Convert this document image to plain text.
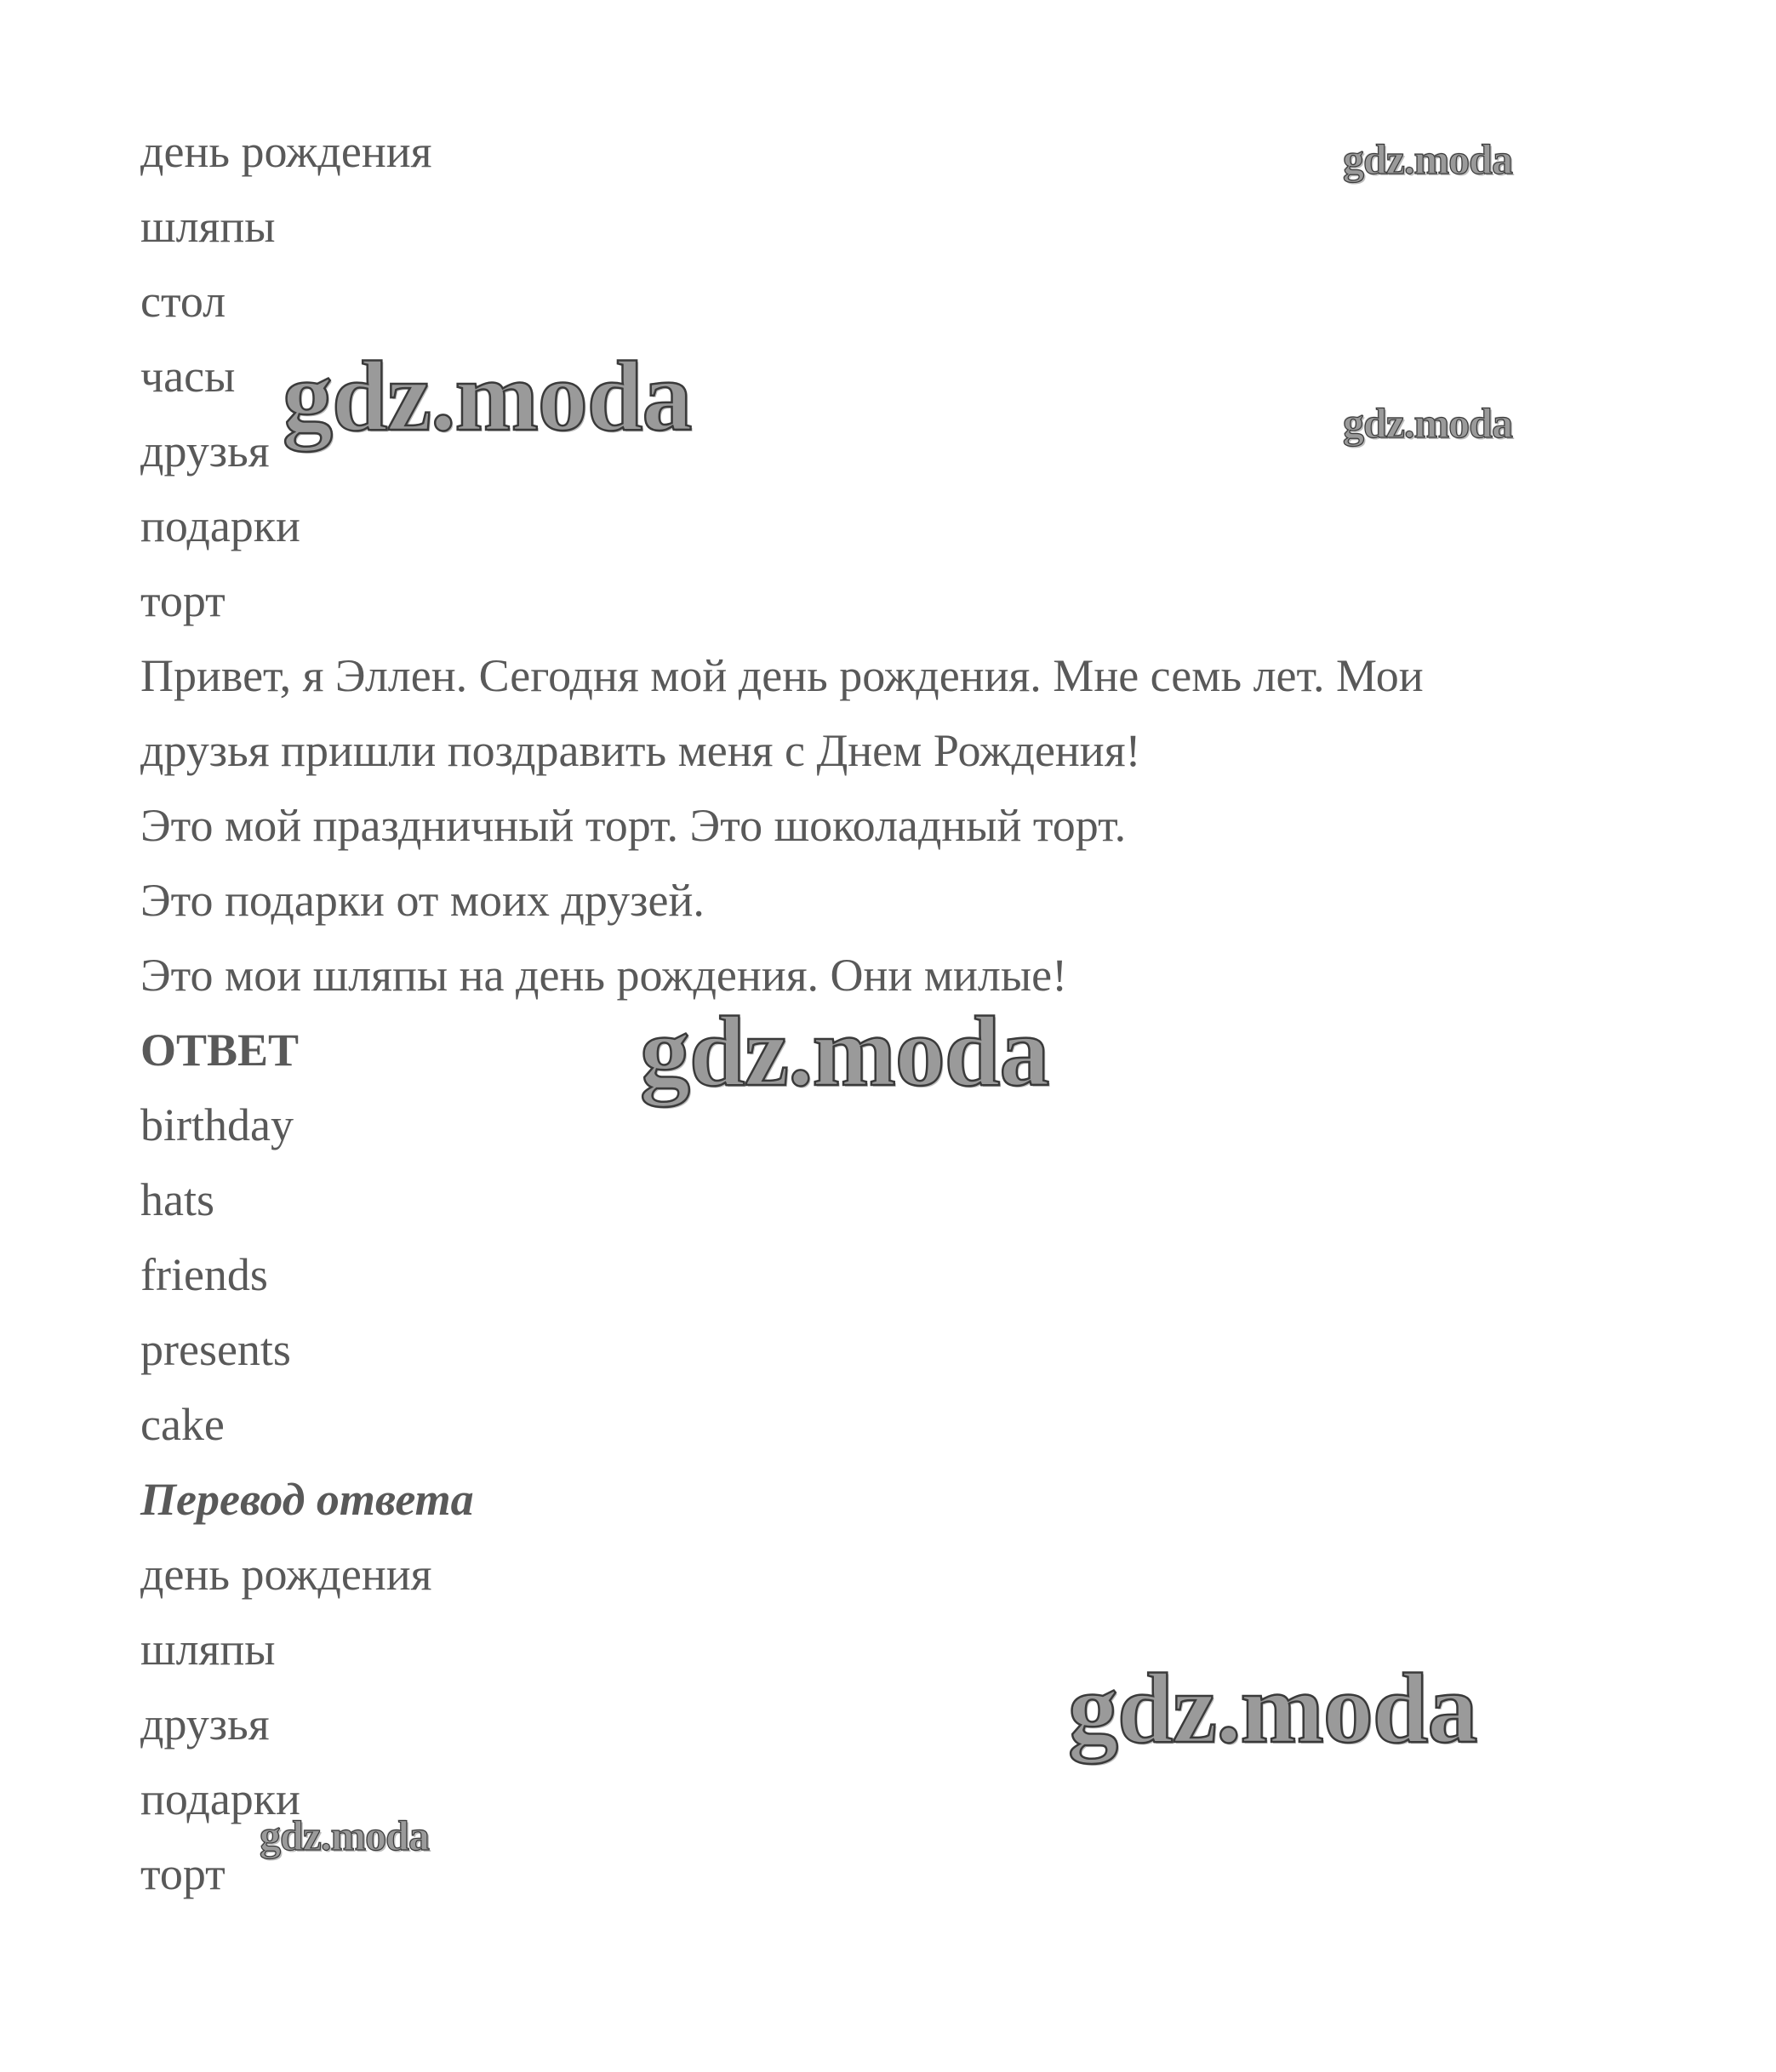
день рождения
шляпы
стол
часы
друзья
подарки
торт
Привет, я Эллен. Сегодня мой день рождения. Мне семь лет. Мои
друзья пришли поздравить меня с Днем Рождения!
Это мой праздничный торт. Это шоколадный торт.
Это подарки от моих друзей.
Это мои шляпы на день рождения. Они милые!
ОТВЕТ
birthday
hats
friends
presents
cake
Перевод ответа
день рождения
шляпы
друзья
подарки
торт
gdz.moda
gdz.moda
gdz.moda
gdz.moda
gdz.moda
gdz.moda
